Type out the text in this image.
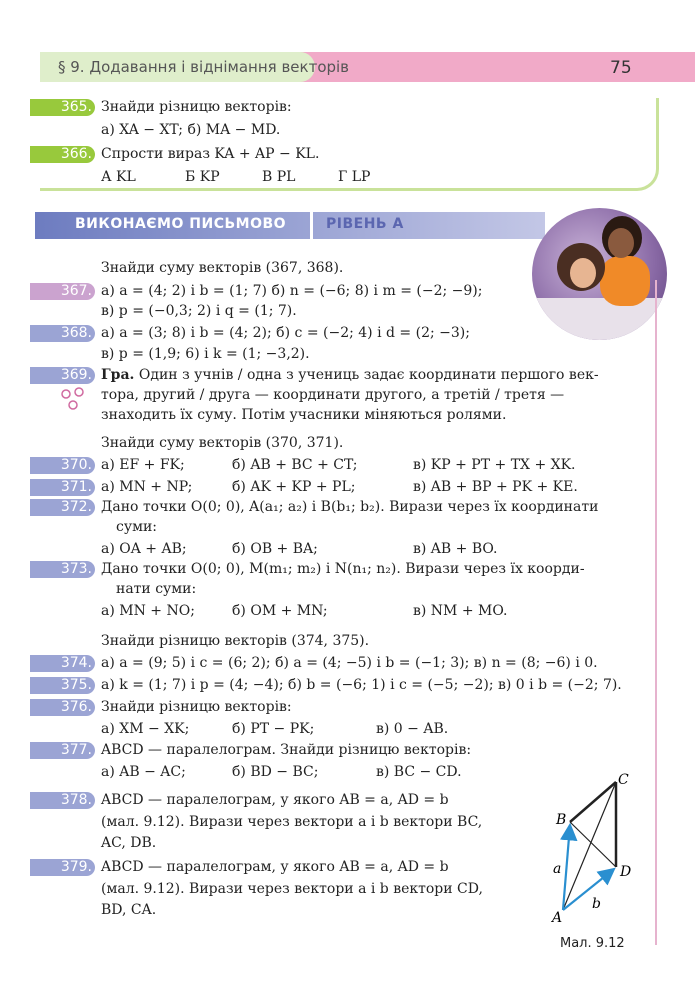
§ 9. Додавання і віднімання векторів	75
365. Знайди різницю векторів:
а) XA − XT; б) MA − MD.
366. Спрости вираз KA + AP − KL.
А KL	Б KP	В PL	Г LP
ВИКОНАЄМО ПИСЬМОВО	РІВЕНЬ А
Знайди суму векторів (367, 368).
367. а) a = (4; 2) і b = (1; 7) б) n = (−6; 8) і m = (−2; −9);
в) p = (−0,3; 2) і q = (1; 7).
368. а) a = (3; 8) і b = (4; 2); б) c = (−2; 4) і d = (2; −3);
в) p = (1,9; 6) і k = (1; −3,2).
369. Гра. Один з учнів / одна з учениць задає координати першого век-
тора, другий / друга — координати другого, а третій / третя —
знаходить їх суму. Потім учасники міняються ролями.
Знайди суму векторів (370, 371).
370. а) EF + FK;	б) AB + BC + CT;	в) KP + PT + TX + XK.
371. а) MN + NP;	б) AK + KP + PL;	в) AB + BP + PK + KE.
372. Дано точки O(0; 0), A(a₁; a₂) і B(b₁; b₂). Вирази через їх координати
суми:
а) OA + AB;	б) OB + BA;	в) AB + BO.
373. Дано точки O(0; 0), M(m₁; m₂) і N(n₁; n₂). Вирази через їх коорди-
нати суми:
а) MN + NO;	б) OM + MN;	в) NM + MO.
Знайди різницю векторів (374, 375).
374. а) a = (9; 5) і c = (6; 2); б) a = (4; −5) і b = (−1; 3); в) n = (8; −6) і 0.
375. а) k = (1; 7) і p = (4; −4); б) b = (−6; 1) і c = (−5; −2); в) 0 і b = (−2; 7).
376. Знайди різницю векторів:
а) XM − XK;	б) PT − PK;	в) 0 − AB.
377. ABCD — паралелограм. Знайди різницю векторів:
а) AB − AC;	б) BD − BC;	в) BC − CD.
378. ABCD — паралелограм, у якого AB = a, AD = b
(мал. 9.12). Вирази через вектори a і b вектори BC,
AC, DB.
379. ABCD — паралелограм, у якого AB = a, AD = b
(мал. 9.12). Вирази через вектори a і b вектори CD,
BD, CA.	A
B
C
D
a
b
Мал. 9.12
